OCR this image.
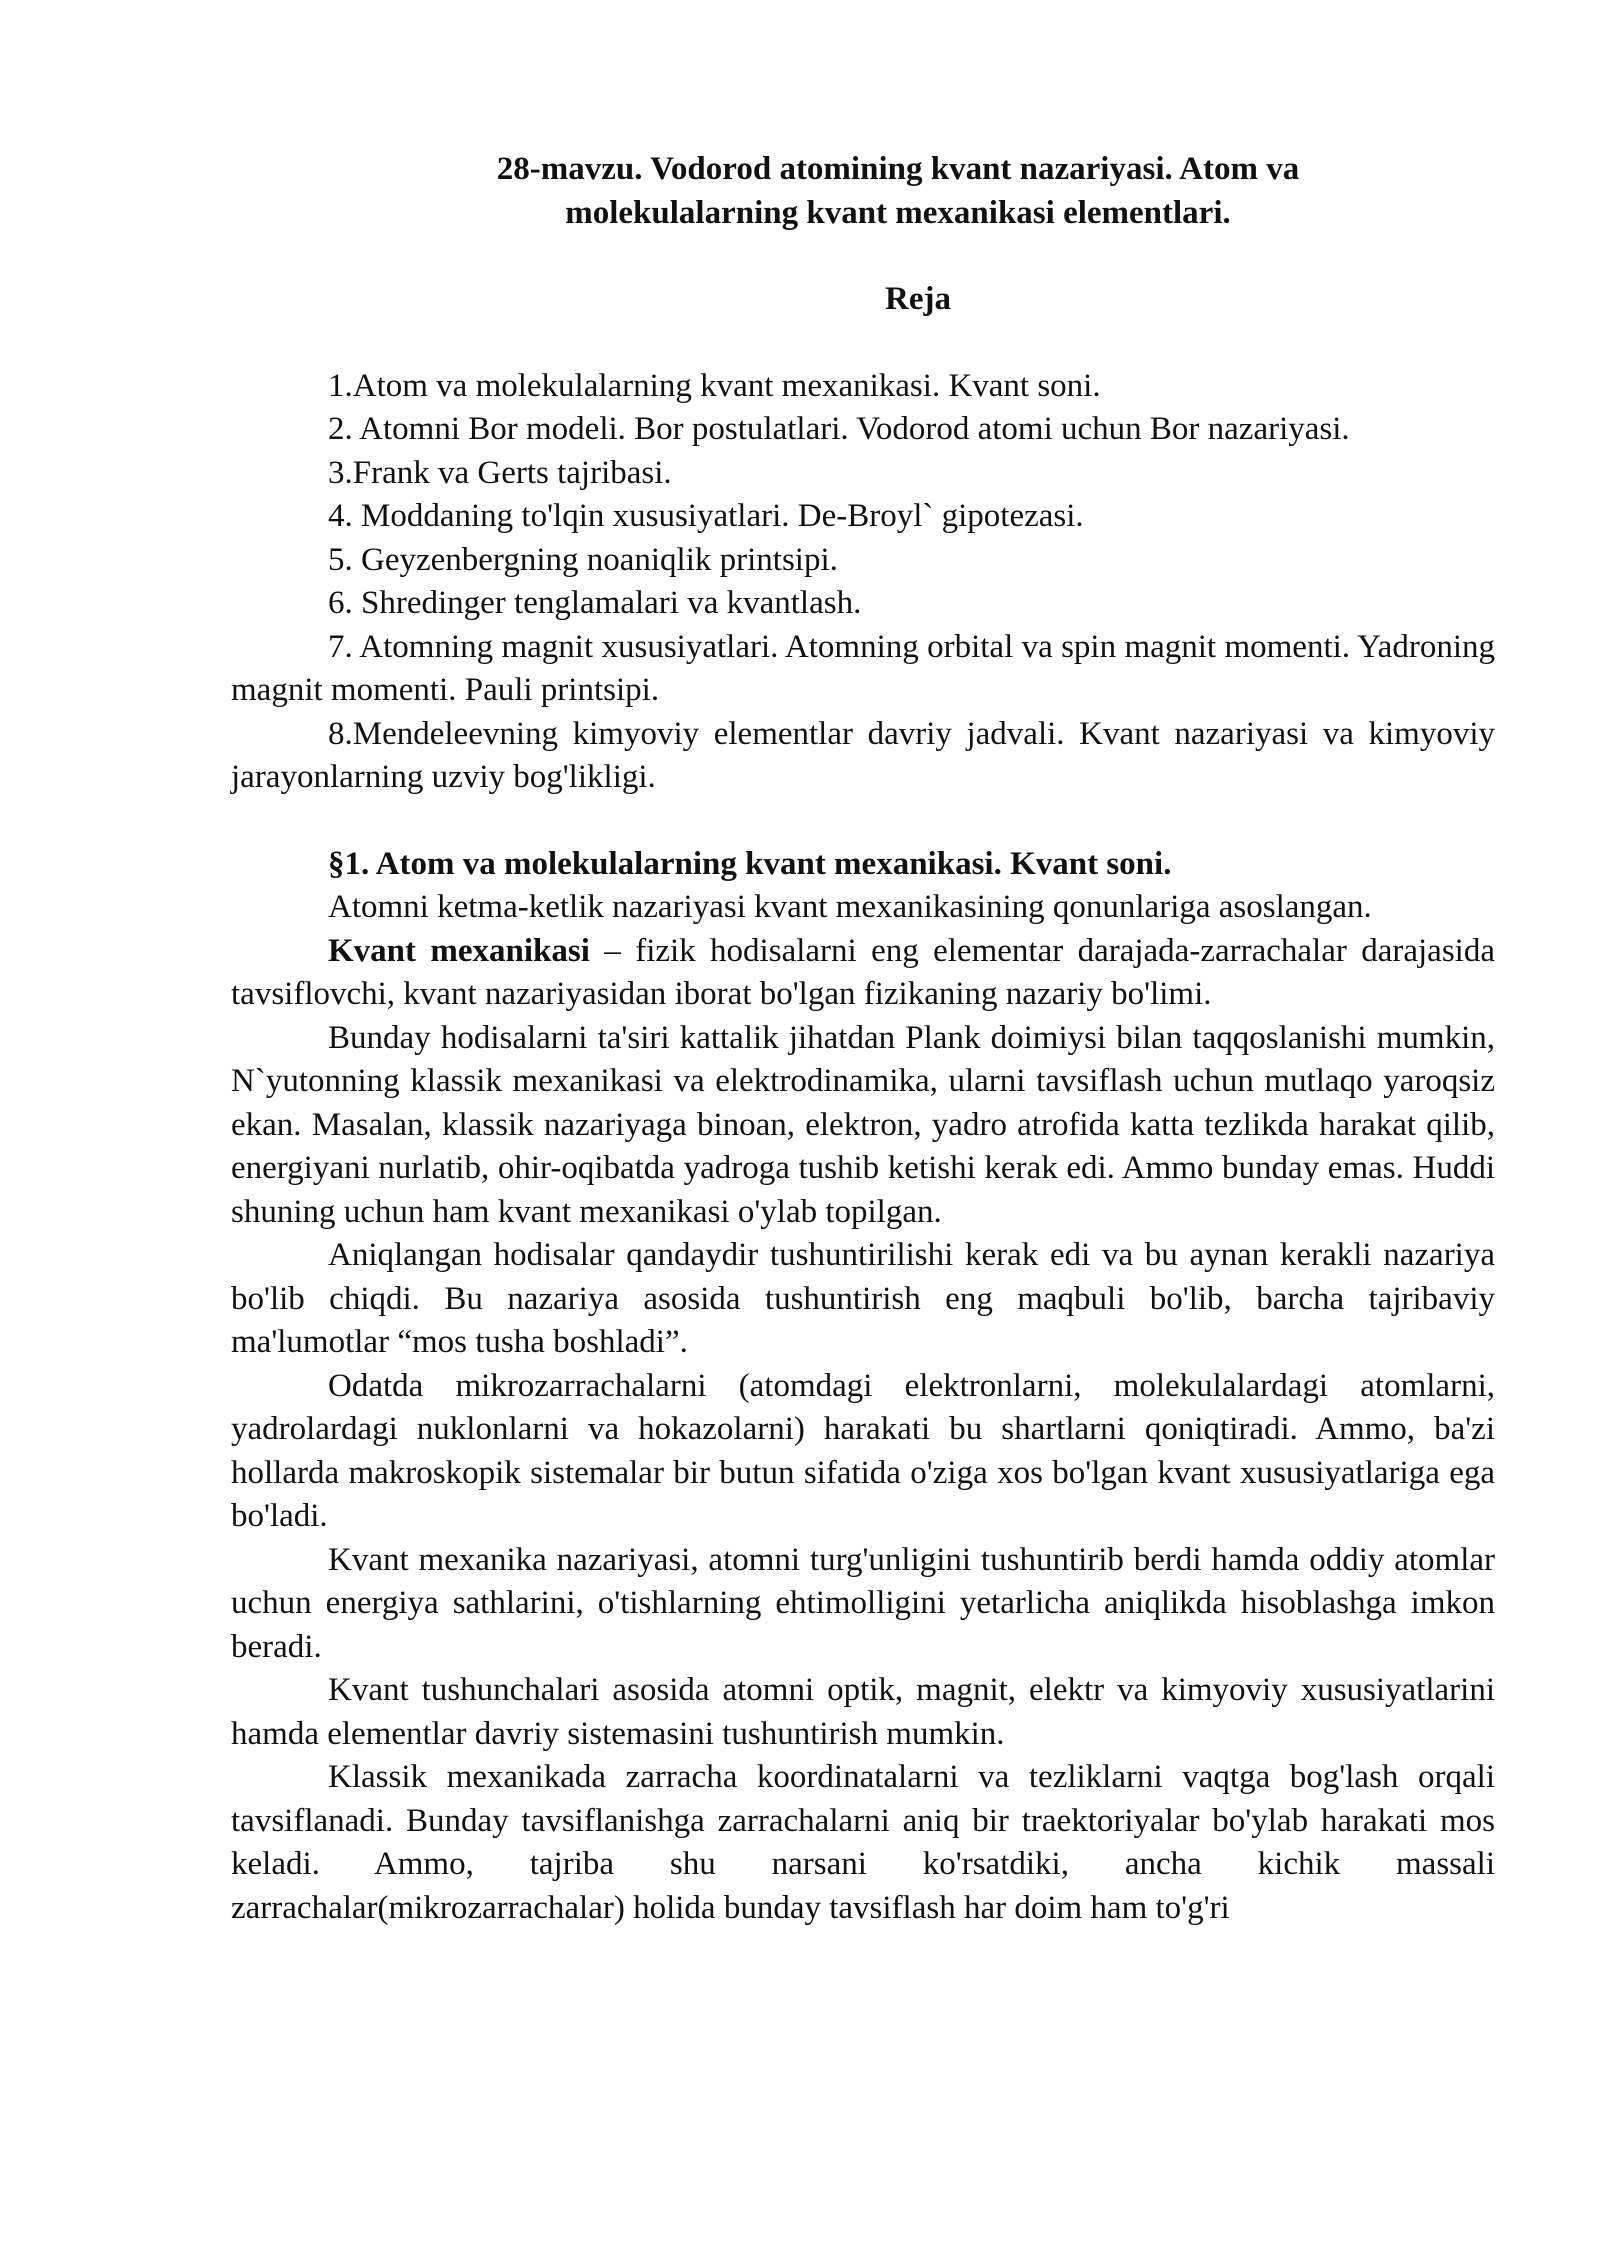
28-mavzu. Vodorod atomining kvant nazariyasi. Atom va
molekulalarning kvant mexanikasi elementlari.

Reja

1.Atom va molekulalarning kvant mexanikasi. Kvant soni.

2. Atomni Bor modeli. Bor postulatlari. Vodorod atomi uchun Bor nazariyasi.

3.Frank va Gerts tajribasi.

4. Moddaning to'lqin xususiyatlari. De-Broyl` gipotezasi.

5. Geyzenbergning noaniqlik printsipi.

6. Shredinger tenglamalari va kvantlash.

7. Atomning magnit xususiyatlari. Atomning orbital va spin magnit momenti. Yadroning magnit momenti. Pauli printsipi.

8.Mendeleevning kimyoviy elementlar davriy jadvali. Kvant nazariyasi va kimyoviy jarayonlarning uzviy bog'likligi.

§1. Atom va molekulalarning kvant mexanikasi. Kvant soni.

Atomni ketma-ketlik nazariyasi kvant mexanikasining qonunlariga asoslangan.

Kvant mexanikasi – fizik hodisalarni eng elementar darajada-zarrachalar darajasida tavsiflovchi, kvant nazariyasidan iborat bo'lgan fizikaning nazariy bo'limi.

Bunday hodisalarni ta'siri kattalik jihatdan Plank doimiysi bilan taqqoslanishi mumkin, N`yutonning klassik mexanikasi va elektrodinamika, ularni tavsiflash uchun mutlaqo yaroqsiz ekan. Masalan, klassik nazariyaga binoan, elektron, yadro atrofida katta tezlikda harakat qilib, energiyani nurlatib, ohir-oqibatda yadroga tushib ketishi kerak edi. Ammo bunday emas. Huddi shuning uchun ham kvant mexanikasi o'ylab topilgan.

Aniqlangan hodisalar qandaydir tushuntirilishi kerak edi va bu aynan kerakli nazariya bo'lib chiqdi. Bu nazariya asosida tushuntirish eng maqbuli bo'lib, barcha tajribaviy ma'lumotlar “mos tusha boshladi”.

Odatda mikrozarrachalarni (atomdagi elektronlarni, molekulalardagi atomlarni, yadrolardagi nuklonlarni va hokazolarni) harakati bu shartlarni qoniqtiradi. Ammo, ba'zi hollarda makroskopik sistemalar bir butun sifatida o'ziga xos bo'lgan kvant xususiyatlariga ega bo'ladi.

Kvant mexanika nazariyasi, atomni turg'unligini tushuntirib berdi hamda oddiy atomlar uchun energiya sathlarini, o'tishlarning ehtimolligini yetarlicha aniqlikda hisoblashga imkon beradi.

Kvant tushunchalari asosida atomni optik, magnit, elektr va kimyoviy xususiyatlarini hamda elementlar davriy sistemasini tushuntirish mumkin.

Klassik mexanikada zarracha koordinatalarni va tezliklarni vaqtga bog'lash orqali tavsiflanadi. Bunday tavsiflanishga zarrachalarni aniq bir traektoriyalar bo'ylab harakati mos keladi. Ammo, tajriba shu narsani ko'rsatdiki, ancha kichik massali zarrachalar(mikrozarrachalar) holida bunday tavsiflash har doim ham to'g'ri
